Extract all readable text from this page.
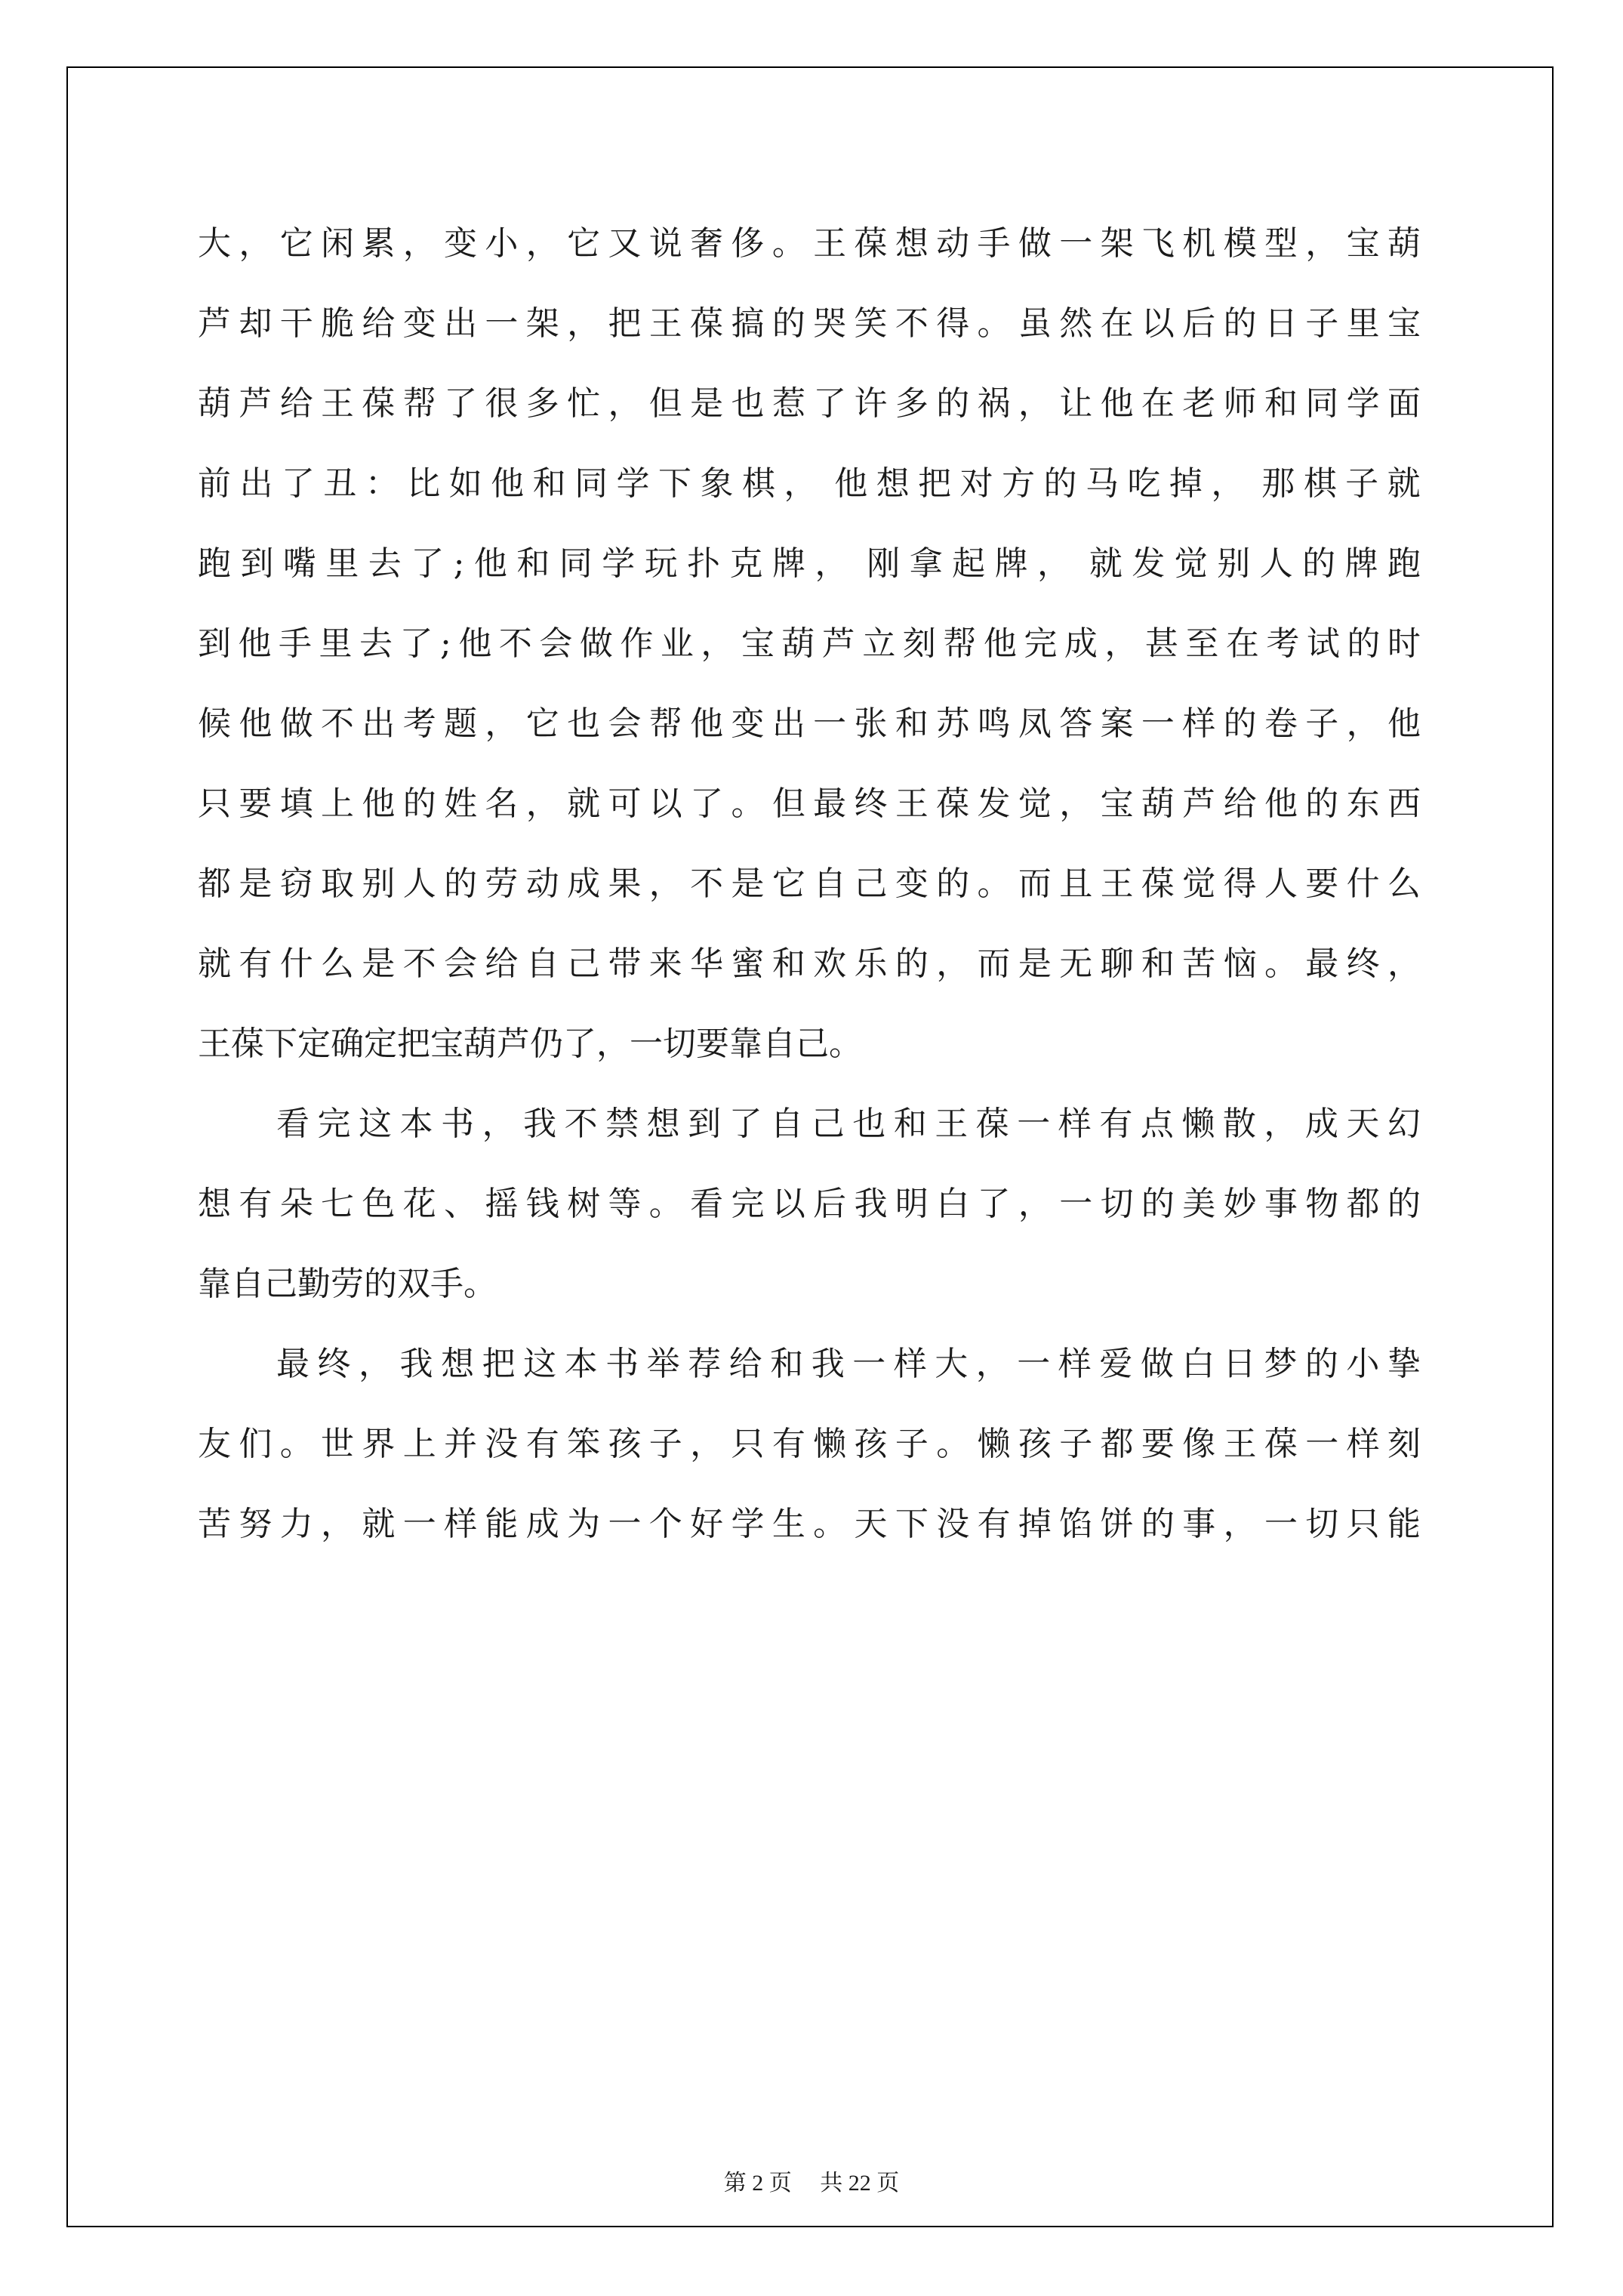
大 ， 它 闲 累 ， 变 小 ， 它 又 说 奢 侈 。 王 葆 想 动 手 做 一 架 飞 机 模 型 ， 宝 葫
芦 却 干 脆 给 变 出 一 架 ， 把 王 葆 搞 的 哭 笑 不 得 。 虽 然 在 以 后 的 日 子 里 宝
葫 芦 给 王 葆 帮 了 很 多 忙 ， 但 是 也 惹 了 许 多 的 祸 ， 让 他 在 老 师 和 同 学 面
前 出 了 丑 ： 比 如 他 和 同 学 下 象 棋 ， 他 想 把 对 方 的 马 吃 掉 ， 那 棋 子 就
跑 到 嘴 里 去 了 ; 他 和 同 学 玩 扑 克 牌 ， 刚 拿 起 牌 ， 就 发 觉 别 人 的 牌 跑
到 他 手 里 去 了 ; 他 不 会 做 作 业 ， 宝 葫 芦 立 刻 帮 他 完 成 ， 甚 至 在 考 试 的 时
候 他 做 不 出 考 题 ， 它 也 会 帮 他 变 出 一 张 和 苏 鸣 凤 答 案 一 样 的 卷 子 ， 他
只 要 填 上 他 的 姓 名 ， 就 可 以 了 。 但 最 终 王 葆 发 觉 ， 宝 葫 芦 给 他 的 东 西
都 是 窃 取 别 人 的 劳 动 成 果 ， 不 是 它 自 己 变 的 。 而 且 王 葆 觉 得 人 要 什 么
就 有 什 么 是 不 会 给 自 己 带 来 华 蜜 和 欢 乐 的 ， 而 是 无 聊 和 苦 恼 。 最 终 ，
王 葆 下 定 确 定 把 宝 葫 芦 仍 了 ， 一 切 要 靠 自 己 。
看 完 这 本 书 ， 我 不 禁 想 到 了 自 己 也 和 王 葆 一 样 有 点 懒 散 ， 成 天 幻
想 有 朵 七 色 花 、 摇 钱 树 等 。 看 完 以 后 我 明 白 了 ， 一 切 的 美 妙 事 物 都 的
靠 自 己 勤 劳 的 双 手 。
最 终 ， 我 想 把 这 本 书 举 荐 给 和 我 一 样 大 ， 一 样 爱 做 白 日 梦 的 小 挚
友 们 。 世 界 上 并 没 有 笨 孩 子 ， 只 有 懒 孩 子 。 懒 孩 子 都 要 像 王 葆 一 样 刻
苦 努 力 ， 就 一 样 能 成 为 一 个 好 学 生 。 天 下 没 有 掉 馅 饼 的 事 ， 一 切 只 能
第 2 页　 共 22 页
